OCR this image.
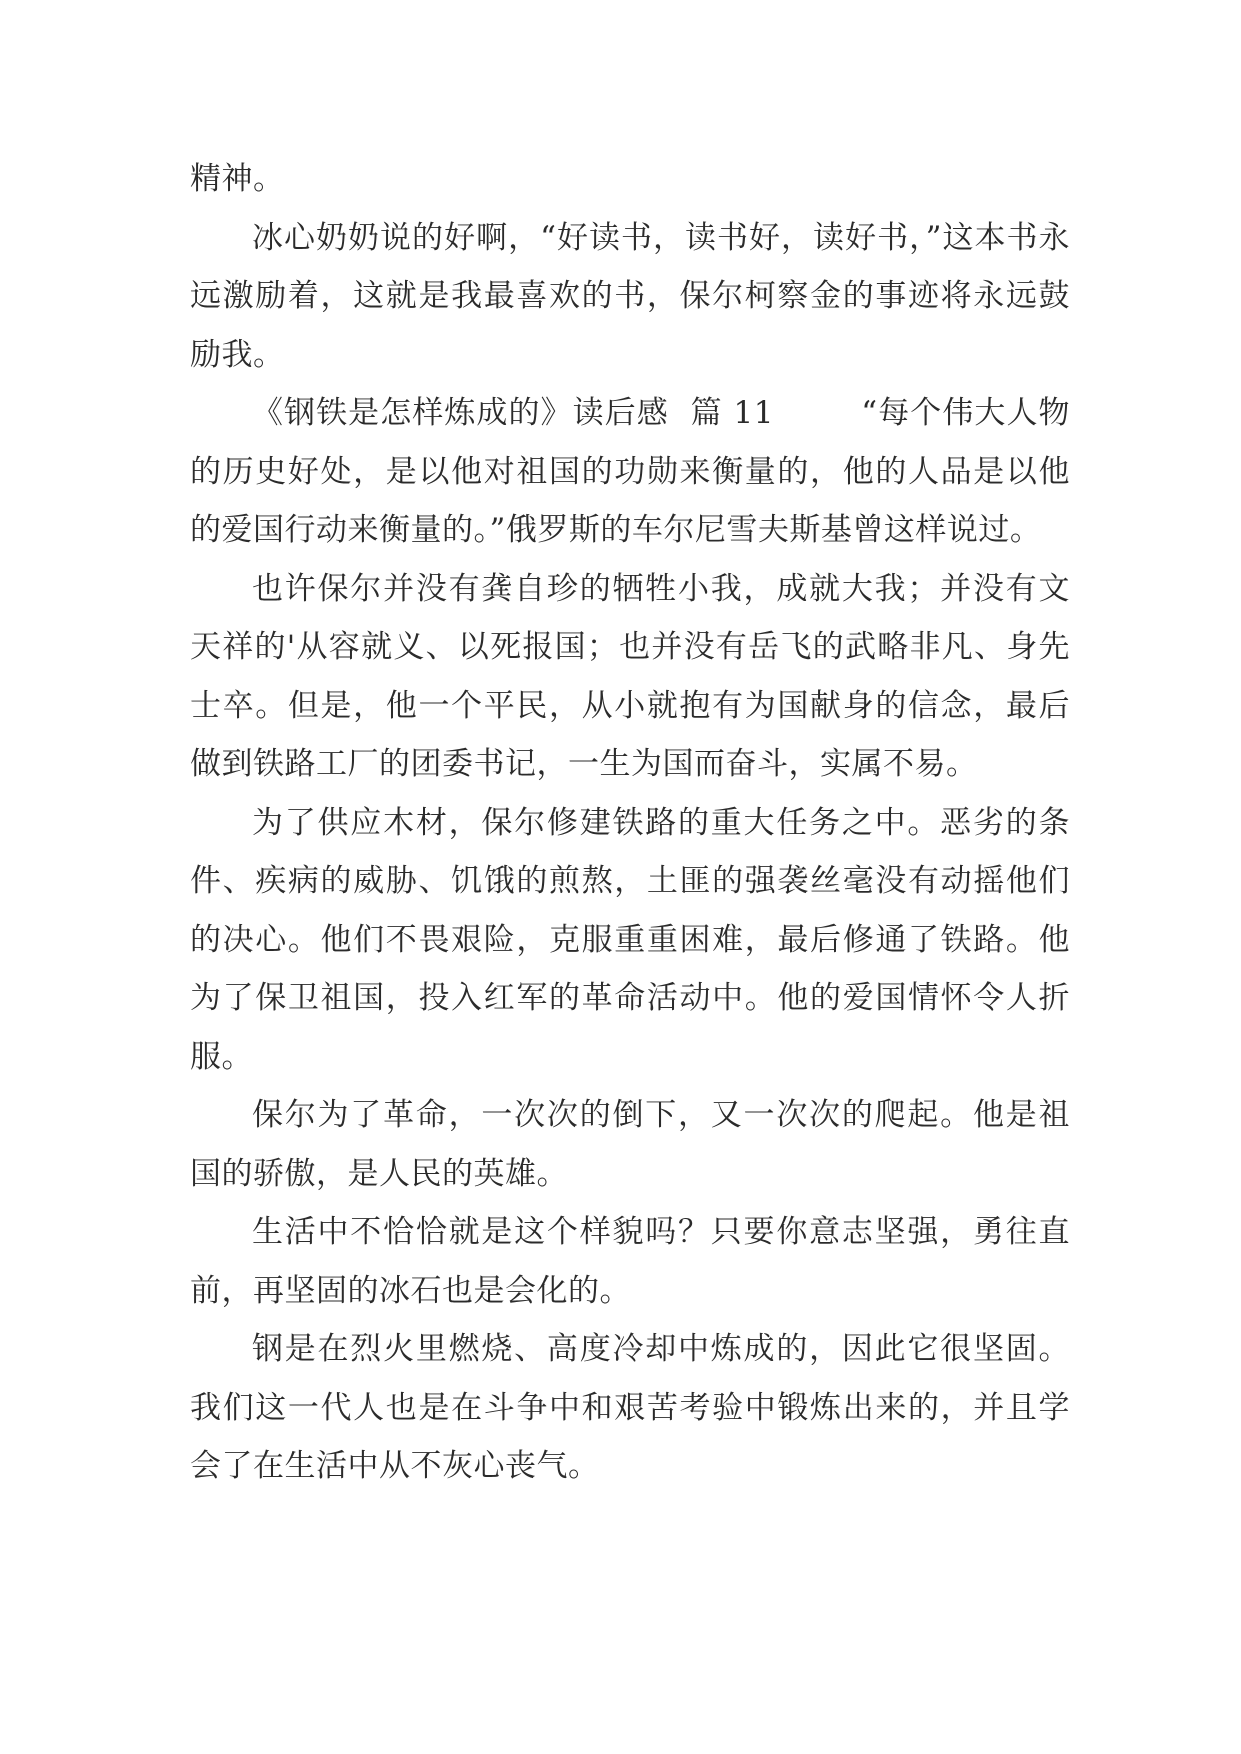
精神。

冰心奶奶说的好啊，“好读书，读书好，读好书，”这本书永远激励着，这就是我最喜欢的书，保尔柯察金的事迹将永远鼓励我。

《钢铁是怎样炼成的》读后感  篇 11        “每个伟大人物的历史好处，是以他对祖国的功勋来衡量的，他的人品是以他的爱国行动来衡量的。”俄罗斯的车尔尼雪夫斯基曾这样说过。

也许保尔并没有龚自珍的牺牲小我，成就大我；并没有文天祥的'从容就义、以死报国；也并没有岳飞的武略非凡、身先士卒。但是，他一个平民，从小就抱有为国献身的信念，最后做到铁路工厂的团委书记，一生为国而奋斗，实属不易。

为了供应木材，保尔修建铁路的重大任务之中。恶劣的条件、疾病的威胁、饥饿的煎熬，土匪的强袭丝毫没有动摇他们的决心。他们不畏艰险，克服重重困难，最后修通了铁路。他为了保卫祖国，投入红军的革命活动中。他的爱国情怀令人折服。

保尔为了革命，一次次的倒下，又一次次的爬起。他是祖国的骄傲，是人民的英雄。

生活中不恰恰就是这个样貌吗？只要你意志坚强，勇往直前，再坚固的冰石也是会化的。

钢是在烈火里燃烧、高度冷却中炼成的，因此它很坚固。我们这一代人也是在斗争中和艰苦考验中锻炼出来的，并且学会了在生活中从不灰心丧气。
